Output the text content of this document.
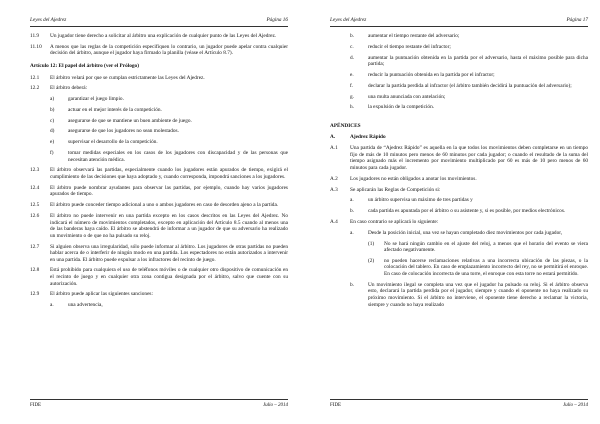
Leyes del Ajedrez	Página 16
11.9	Un jugador tiene derecho a solicitar al árbitro una explicación de cualquier punto de las Leyes del Ajedrez.
11.10	A menos que las reglas de la competición especifiquen lo contrario, un jugador puede apelar contra cualquier decisión del árbitro, aunque el jugador haya firmado la planilla (véase el Artículo 8.7).
Artículo 12: El papel del árbitro (ver el Prólogo)
12.1	El árbitro velará por que se cumplan estrictamente las Leyes del Ajedrez.
12.2	El árbitro deberá:
a)	garantizar el juego limpio.
b)	actuar en el mejor interés de la competición.
c)	asegurarse de que se mantiene un buen ambiente de juego.
d)	asegurarse de que los jugadores no sean molestados.
e)	supervisar el desarrollo de la competición.
f)	tomar medidas especiales en los casos de los jugadores con discapacidad y de las personas que necesitan atención médica.
12.3	El árbitro observará las partidas, especialmente cuando los jugadores están apurados de tiempo, exigirá el cumplimiento de las decisiones que haya adoptado y, cuando corresponda, impondrá sanciones a los jugadores.
12.4	El árbitro puede nombrar ayudantes para observar las partidas, por ejemplo, cuando hay varios jugadores apurados de tiempo.
12.5	El árbitro puede conceder tiempo adicional a uno o ambos jugadores en caso de desorden ajeno a la partida.
12.6	El árbitro no puede intervenir en una partida excepto en los casos descritos en las Leyes del Ajedrez. No indicará el número de movimientos completados, excepto en aplicación del Artículo 8.5 cuando al menos una de las banderas haya caído. El árbitro se abstendrá de informar a un jugador de que su adversario ha realizado un movimiento o de que no ha pulsado su reloj.
12.7	Si alguien observa una irregularidad, sólo puede informar al árbitro. Los jugadores de otras partidas no pueden hablar acerca de o interferir de ningún modo en una partida. Los espectadores no están autorizados a intervenir en una partida. El árbitro puede expulsar a los infractores del recinto de juego.
12.8	Está prohibido para cualquiera el uso de teléfonos móviles o de cualquier otro dispositivo de comunicación en el recinto de juego y en cualquier otra zona contigua designada por el árbitro, salvo que cuente con su autorización.
12.9	El árbitro puede aplicar las siguientes sanciones:
a.	una advertencia,
FIDE	Julio – 2014
Leyes del Ajedrez	Página 17
b.	aumentar el tiempo restante del adversario;
c.	reducir el tiempo restante del infractor;
d.	aumentar la puntuación obtenida en la partida por el adversario, hasta el máximo posible para dicha partida;
e.	reducir la puntuación obtenida en la partida por el infractor;
f.	declarar la partida perdida al infractor (el árbitro también decidirá la puntuación del adversario);
g.	una multa anunciada con antelación;
h.	la expulsión de la competición.
APÉNDICES
A.	Ajedrez Rápido
A.1	Una partida de “Ajedrez Rápido” es aquella en la que todos los movimientos deben completarse en un tiempo fijo de más de 10 minutos pero menos de 60 minutos por cada jugador; o cuando el resultado de la suma del tiempo asignado más el incremento por movimiento multiplicado por 60 es más de 10 pero menos de 60 minutos para cada jugador.
A.2	Los jugadores no están obligados a anotar los movimientos.
A.3	Se aplicarán las Reglas de Competición si:
a.	un árbitro supervisa un máximo de tres partidas y
b.	cada partida es apuntada por el árbitro o su asistente y, si es posible, por medios electrónicos.
A.4	En caso contrario se aplicará lo siguiente:
a.	Desde la posición inicial, una vez se hayan completado diez movimientos por cada jugador,
(1)	No se hará ningún cambio en el ajuste del reloj, a menos que el horario del evento se viera afectado negativamente.
(2)	no pueden hacerse reclamaciones relativas a una incorrecta ubicación de las piezas, o la colocación del tablero. En caso de emplazamiento incorrecto del rey, no se permitirá el enroque. En caso de colocación incorrecta de una torre, el enroque con esta torre no estará permitido.
b.	Un movimiento ilegal se completa una vez que el jugador ha pulsado su reloj. Si el árbitro observa esto, declarará la partida perdida por el jugador, siempre y cuando el oponente no haya realizado su próximo movimiento. Si el árbitro no interviene, el oponente tiene derecho a reclamar la victoria, siempre y cuando no haya realizado
FIDE	Julio – 2014
